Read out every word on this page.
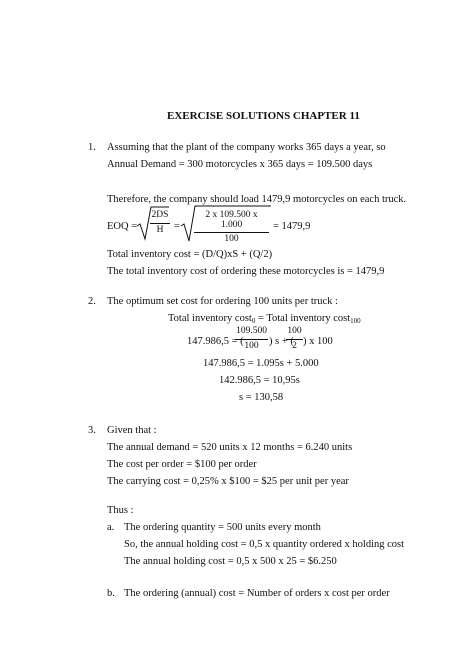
EXERCISE SOLUTIONS CHAPTER 11
1. Assuming that the plant of the company works 365 days a year, so
Annual Demand = 300 motorcycles x 365 days = 109.500 days
Therefore, the company should load 1479,9 motorcycles on each truck.
EOQ =
2DS
H	=
2 x 109.500 x 1.000
100
= 1479,9
Total inventory cost = (D/Q)xS + (Q/2)
The total inventory cost of ordering these motorcycles is = 1479,9
2. The optimum set cost for ordering 100 units per truck :
Total inventory cost$_0$ = Total inventory cost$_{100}$
147.986,5 = (
109.500
100 ) s + (
100
2 ) x 100
147.986,5 = 1.095s + 5.000
142.986,5 = 10,95s
s = 130,58
3. Given that :
The annual demand = 520 units x 12 months = 6.240 units
The cost per order = $100 per order
The carrying cost = 0,25% x $100 = $25 per unit per year
Thus :
a. The ordering quantity = 500 units every month
So, the annual holding cost = 0,5 x quantity ordered x holding cost
The annual holding cost = 0,5 x 500 x 25 = $6.250
b. The ordering (annual) cost = Number of orders x cost per order
